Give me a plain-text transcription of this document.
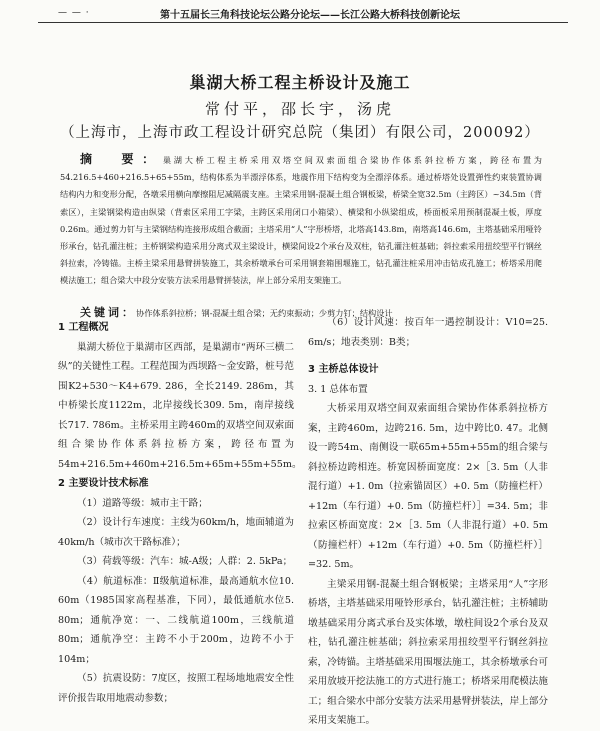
— — ·	第十五届长三角科技论坛公路分论坛——长江公路大桥科技创新论坛
巢湖大桥工程主桥设计及施工
常付平，邵长宇，汤虎
（上海市，上海市政工程设计研究总院（集团）有限公司，200092）
摘　要：巢湖大桥工程主桥采用双塔空间双索面组合梁协作体系斜拉桥方案，跨径布置为54.216.5+460+216.5+65+55m，结构体系为半漂浮体系，地震作用下结构变为全漂浮体系。通过桥塔处设置弹性约束装置协调结构内力和变形分配，各墩采用横向摩擦阻尼减隔震支座。主梁采用钢-混凝土组合钢板梁，桥梁全宽32.5m（主跨区）~34.5m（背索区），主梁钢梁构造由纵梁（背索区采用工字梁，主跨区采用闭口小箱梁）、横梁和小纵梁组成，桥面板采用预制混凝土板，厚度0.26m。通过剪力钉与主梁钢结构连接形成组合截面；主塔采用“人”字形桥塔，北塔高143.8m，南塔高146.6m，主塔基础采用哑铃形承台，钻孔灌注桩；主桥钢梁构造采用分离式双主梁设计，横梁间设2个承台及双柱，钻孔灌注桩基础；斜拉索采用扭绞型平行钢丝斜拉索，冷铸锚。主桥主梁采用悬臂拼装施工，其余桥墩承台可采用钢套箱围堰施工，钻孔灌注桩采用冲击钻成孔施工；桥塔采用爬模法施工；组合梁大中段分安装方法采用悬臂拼装法，岸上部分采用支架施工。
关键词：协作体系斜拉桥；钢-混凝土组合梁；无约束振动；少剪力钉；结构设计
1 工程概况

巢湖大桥位于巢湖市区西部，是巢湖市“两环三横二纵”的关键性工程。工程范围为西坝路～金安路，桩号范围K2+530～K4+679. 286，全长2149. 286m，其中桥梁长度1122m，北岸接线长309. 5m，南岸接线长717. 786m。主桥采用主跨460m的双塔空间双索面组合梁协作体系斜拉桥方案，跨径布置为54m+216.5m+460m+216.5m+65m+55m+55m。

2 主要设计技术标准
（1）道路等级：城市主干路；
（2）设计行车速度：主线为60km/h，地面辅道为40km/h（城市次干路标准）；
（3）荷载等级：汽车：城-A级；人群：2. 5kPa；
（4）航道标准：Ⅱ级航道标准，最高通航水位10. 60m（1985国家高程基准，下同），最低通航水位5. 80m；通航净宽：一、二线航道100m，三线航道80m；通航净空：主跨不小于200m，边跨不小于104m；
（5）抗震设防：7度区，按照工程场地地震安全性评价报告取用地震动参数；
（6）设计风速：按百年一遇控制设计：V10=25. 6m/s；地表类别：B类；
3 主桥总体设计
3. 1 总体布置

大桥采用双塔空间双索面组合梁协作体系斜拉桥方案，主跨460m，边跨216. 5m，边中跨比0. 47。北侧设一跨54m、南侧设一联65m+55m+55m的组合梁与斜拉桥边跨相连。桥宽因桥面宽度：2×［3. 5m（人非混行道）+1. 0m（拉索锚固区）+0. 5m（防撞栏杆）+12m（车行道）+0. 5m（防撞栏杆）］=34. 5m；非拉索区桥面宽度：2×［3. 5m（人非混行道）+0. 5m（防撞栏杆）+12m（车行道）+0. 5m（防撞栏杆）］=32. 5m。

主梁采用钢-混凝土组合钢板梁；主塔采用“人”字形桥塔，主塔基础采用哑铃形承台，钻孔灌注桩；主桥辅助墩基础采用分离式承台及实体墩，墩柱间设2个承台及双柱，钻孔灌注桩基础；斜拉索采用扭绞型平行钢丝斜拉索，冷铸锚。主塔基础采用围堰法施工，其余桥墩承台可采用放坡开挖法施工的方式进行施工；桥塔采用爬模法施工；组合梁水中部分安装方法采用悬臂拼装法，岸上部分采用支架施工。
